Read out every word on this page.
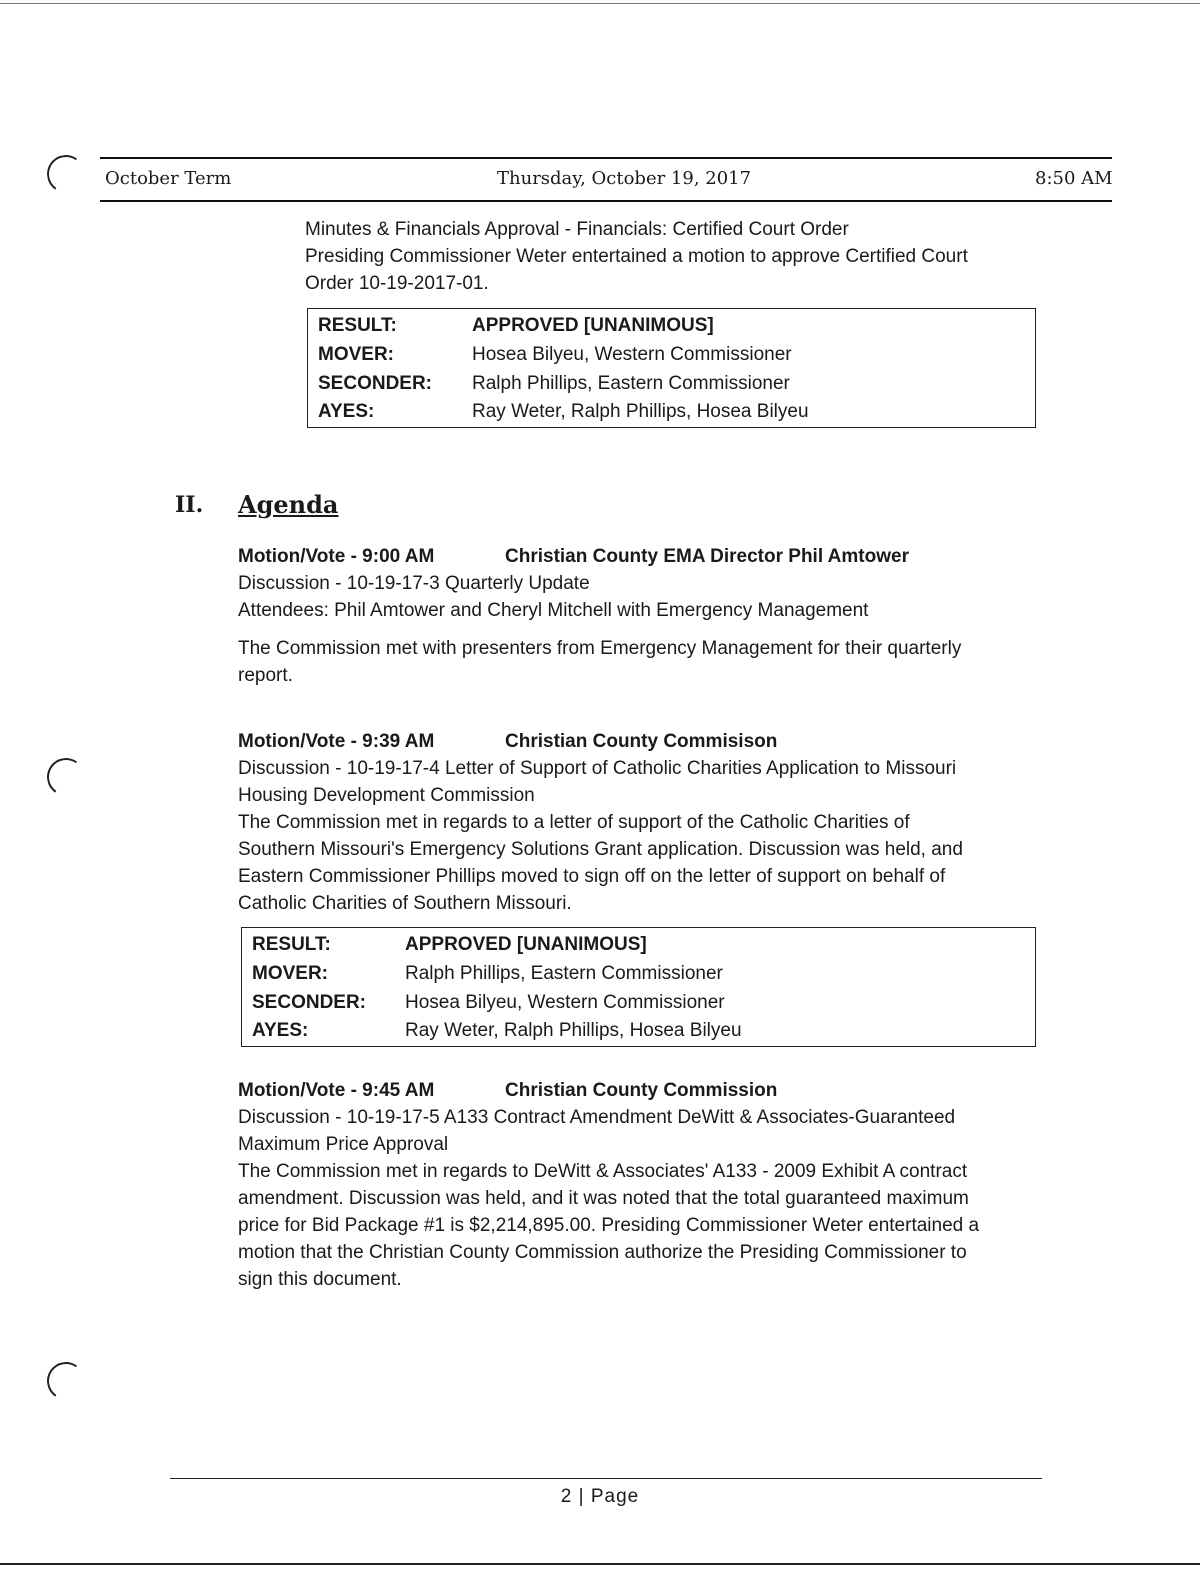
October Term	Thursday, October 19, 2017	8:50 AM
Minutes & Financials Approval - Financials: Certified Court Order
Presiding Commissioner Weter entertained a motion to approve Certified Court
Order 10-19-2017-01.
RESULT:	APPROVED [UNANIMOUS]
MOVER:	Hosea Bilyeu, Western Commissioner
SECONDER: Ralph Phillips, Eastern Commissioner
AYES:	Ray Weter, Ralph Phillips, Hosea Bilyeu
II. Agenda
Motion/Vote - 9:00 AM	Christian County EMA Director Phil Amtower
Discussion - 10-19-17-3 Quarterly Update
Attendees: Phil Amtower and Cheryl Mitchell with Emergency Management
The Commission met with presenters from Emergency Management for their quarterly
report.
Motion/Vote - 9:39 AM	Christian County Commisison
Discussion - 10-19-17-4 Letter of Support of Catholic Charities Application to Missouri
Housing Development Commission
The Commission met in regards to a letter of support of the Catholic Charities of
Southern Missouri's Emergency Solutions Grant application. Discussion was held, and
Eastern Commissioner Phillips moved to sign off on the letter of support on behalf of
Catholic Charities of Southern Missouri.
RESULT:	APPROVED [UNANIMOUS]
MOVER:	Ralph Phillips, Eastern Commissioner
SECONDER: Hosea Bilyeu, Western Commissioner
AYES:	Ray Weter, Ralph Phillips, Hosea Bilyeu
Motion/Vote - 9:45 AM	Christian County Commission
Discussion - 10-19-17-5 A133 Contract Amendment DeWitt & Associates-Guaranteed
Maximum Price Approval
The Commission met in regards to DeWitt & Associates' A133 - 2009 Exhibit A contract
amendment. Discussion was held, and it was noted that the total guaranteed maximum
price for Bid Package #1 is $2,214,895.00. Presiding Commissioner Weter entertained a
motion that the Christian County Commission authorize the Presiding Commissioner to
sign this document.
2 | Page
